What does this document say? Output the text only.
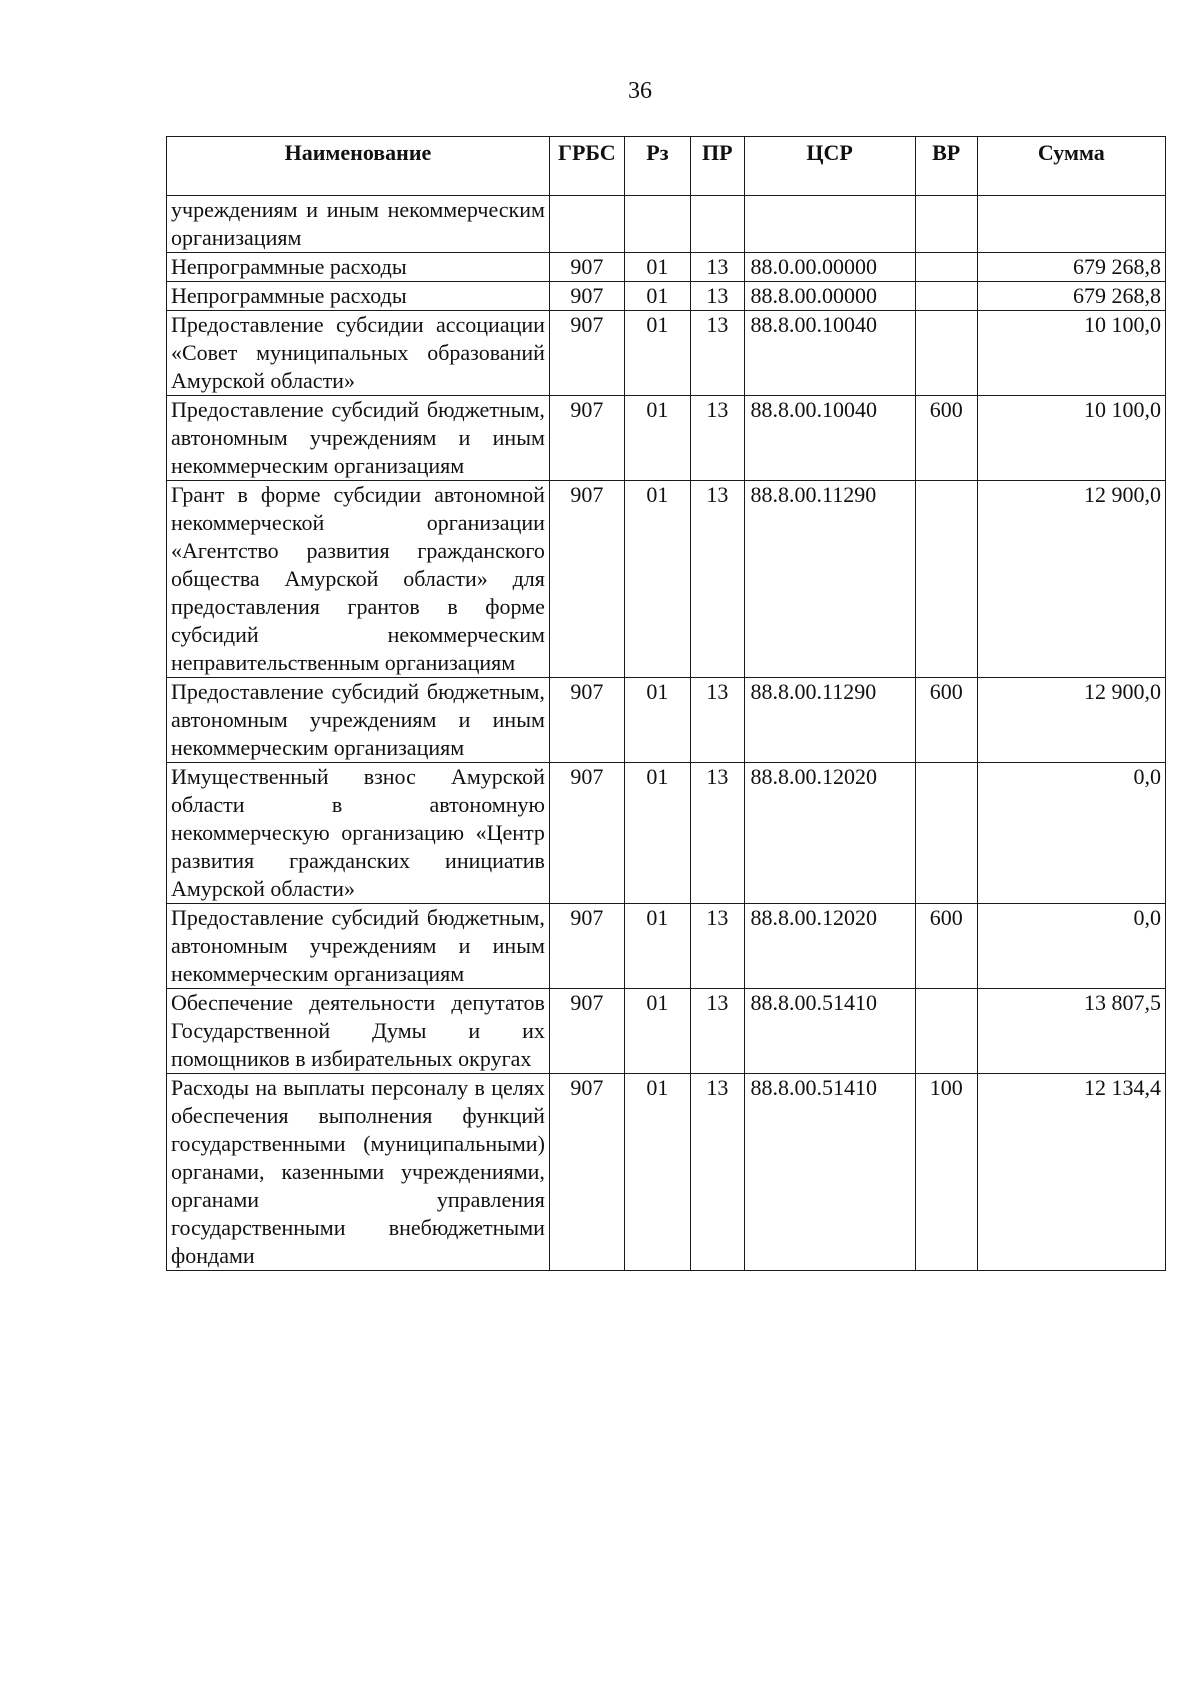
36
Наименование	ГРБС	Рз	ПР	ЦСР	ВР	Сумма
учреждениям и иным некоммерческим организациям						
Непрограммные расходы	907	01	13	88.0.00.00000		679 268,8
Непрограммные расходы	907	01	13	88.8.00.00000		679 268,8
Предоставление субсидии ассоциации «Совет муниципальных образований Амурской области»	907	01	13	88.8.00.10040		10 100,0
Предоставление субсидий бюджетным, автономным учреждениям и иным некоммерческим организациям	907	01	13	88.8.00.10040	600	10 100,0
Грант в форме субсидии автономной некоммерческой организации «Агентство развития гражданского общества Амурской области» для предоставления грантов в форме субсидий некоммерческим неправительственным организациям	907	01	13	88.8.00.11290		12 900,0
Предоставление субсидий бюджетным, автономным учреждениям и иным некоммерческим организациям	907	01	13	88.8.00.11290	600	12 900,0
Имущественный взнос Амурской области в автономную некоммерческую организацию «Центр развития гражданских инициатив Амурской области»	907	01	13	88.8.00.12020		0,0
Предоставление субсидий бюджетным, автономным учреждениям и иным некоммерческим организациям	907	01	13	88.8.00.12020	600	0,0
Обеспечение деятельности депутатов Государственной Думы и их помощников в избирательных округах	907	01	13	88.8.00.51410		13 807,5
Расходы на выплаты персоналу в целях обеспечения выполнения функций государственными (муниципальными) органами, казенными учреждениями, органами управления государственными внебюджетными фондами	907	01	13	88.8.00.51410	100	12 134,4
